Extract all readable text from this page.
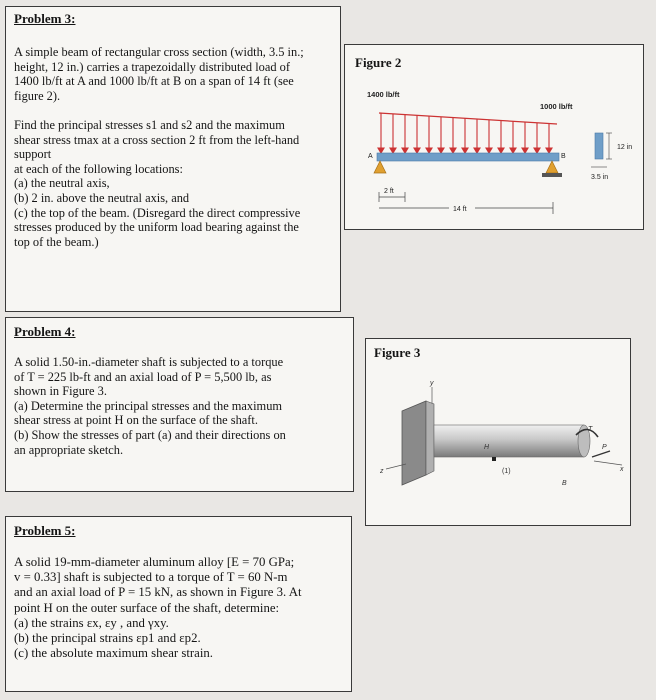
Problem 3:
A simple beam of rectangular cross section (width, 3.5 in.;
height, 12 in.) carries a trapezoidally distributed load of
1400 lb/ft at A and 1000 lb/ft at B on a span of 14 ft (see
figure 2).

Find the principal stresses s1 and s2 and the maximum
shear stress tmax at a cross section 2 ft from the left-hand
support
at each of the following locations:
(a) the neutral axis,
(b) 2 in. above the neutral axis, and
(c) the top of the beam. (Disregard the direct compressive
stresses produced by the uniform load bearing against the
top of the beam.)
Figure 2
1400 lb/ft
1000 lb/ft
A	B
2 ft
14 ft
12 in
3.5 in
Problem 4:
A solid 1.50-in.-diameter shaft is subjected to a torque
of T = 225 lb-ft and an axial load of P = 5,500 lb, as
shown in Figure 3.
(a) Determine the principal stresses and the maximum
shear stress at point H on the surface of the shaft.
(b) Show the stresses of part (a) and their directions on
an appropriate sketch.
Figure 3
y
H
z	x
T
P
(1)
B
Problem 5:
A solid 19-mm-diameter aluminum alloy [E = 70 GPa;
v = 0.33] shaft is subjected to a torque of T = 60 N-m
and an axial load of P = 15 kN, as shown in Figure 3. At
point H on the outer surface of the shaft, determine:
(a) the strains εx, εy , and γxy.
(b) the principal strains εp1 and εp2.
(c) the absolute maximum shear strain.
